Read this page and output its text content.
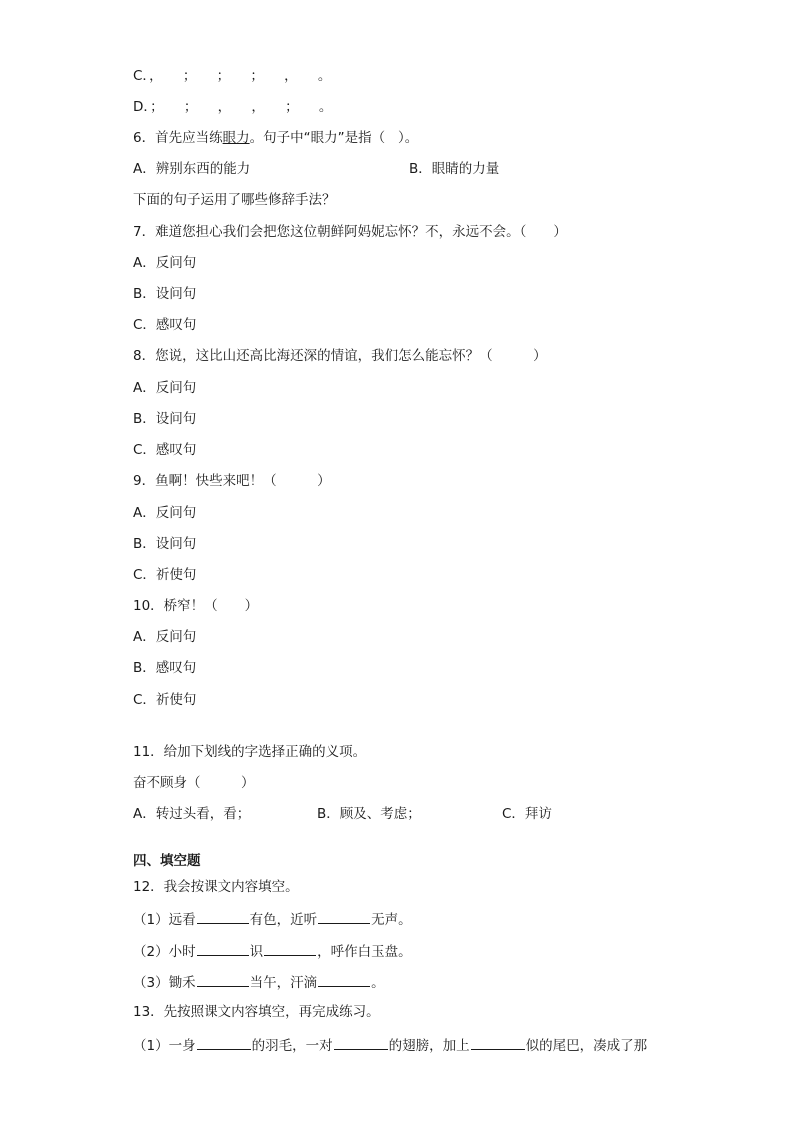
C．，　　；　　；　　；　　，　　。
D．；　　；　　，　　，　　；　　。
6．首先应当练眼力。句子中“眼力”是指（   ）。
A．辨别东西的能力	B．眼睛的力量
下面的句子运用了哪些修辞手法？
7．难道您担心我们会把您这位朝鲜阿妈妮忘怀？不，永远不会。（　　）
A．反问句
B．设问句
C．感叹句
8．您说，这比山还高比海还深的情谊，我们怎么能忘怀？（　　　）
A．反问句
B．设问句
C．感叹句
9．鱼啊！快些来吧！（　　　）
A．反问句
B．设问句
C．祈使句
10．桥窄！（　　）
A．反问句
B．感叹句
C．祈使句
11．给加下划线的字选择正确的义项。
奋不顾身（　　　）
A．转过头看，看；	B．顾及、考虑；	C．拜访
四、填空题
12．我会按课文内容填空。
（1）远看	有色，近听	无声。
（2）小时	识	，呼作白玉盘。
（3）锄禾	当午，汗滴	。
13．先按照课文内容填空，再完成练习。
（1）一身	的羽毛，一对	的翅膀，加上	似的尾巴，凑成了那
